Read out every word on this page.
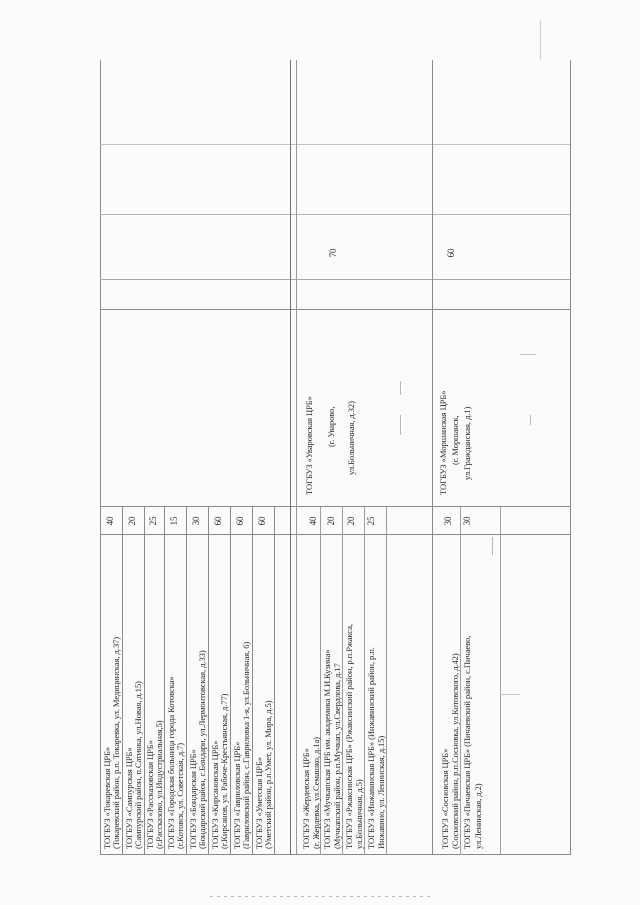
ТОГБУЗ «Токаревская ЦРБ» (Токаревский район, р.п. Токаревка, ул. Медицинская, д.37)
40
ТОГБУЗ «Сампурская ЦРБ» (Сампурский район, п.Сатинка, ул.Новая, д.15)
20
ТОГБУЗ «Рассказовская ЦРБ» (г.Рассказово, ул.Индустриальная,5)
25
ТОГБУЗ «Городская больница города Котовска» (г.Котовск, ул. Советская, д.7)
15
ТОГБУЗ «Бондарская ЦРБ» (Бондарский район, с.Бондари, ул.Лермонтовская, д.33)
30
ТОГБУЗ «Кирсановская ЦРБ» (г.Кирсанов, ул. Рабоче-Крестьянская, д.77)
60
ТОГБУЗ «Гавриловская ЦРБ» (Гавриловский район, с.Гавриловка 1-я, ул.Больничная, 6)
60
ТОГБУЗ «Уметская ЦРБ» (Уметский район, р.п.Умет, ул. Мира, д.5)
60
ТОГБУЗ «Жердевская ЦРБ» (г. Жердевка, ул.Семашко, д.1а)
40
ТОГБУЗ «Мучкапская ЦРБ им. академика М.И.Кузина» (Мучкапский район, р.п.Мучкап, ул.Свердлова, д.17
20
ТОГБУЗ «Ржаксинская ЦРБ» (Ржаксинский район, р.п.Ржакса, ул.Больничная, д.5)
20
ТОГБУЗ «Инжавинская ЦРБ» (Инжавинский район, р.п. Инжавино, ул. Ленинская, д.15)
25
ТОГБУЗ «Уваровская ЦРБ» (г. Уварово, ул.Больничная, д.32)
70
ТОГБУЗ «Сосновская ЦРБ» (Сосновский район, р.п.Сосновка, ул.Котовского, д.42)
30
ТОГБУЗ «Пичаевская ЦРБ» (Пичаевский район, с.Пичаево, ул.Ленинская, д.2)
30
ТОГБУЗ «Моршанская ЦРБ» (г. Моршанск, ул.Гражданская, д.1)
60
